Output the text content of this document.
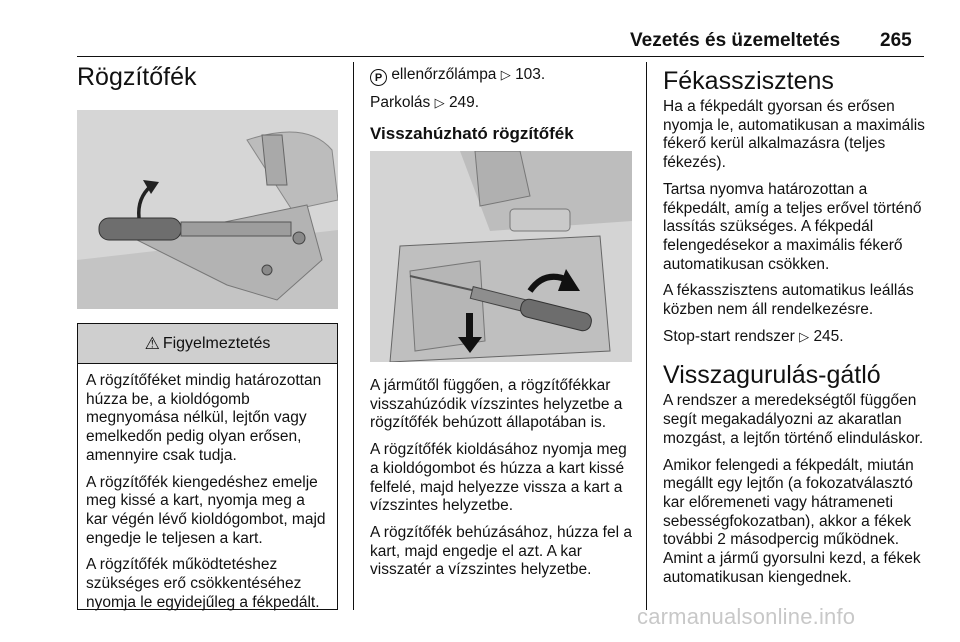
Vezetés és üzemeltetés 265
Rögzítőfék
⚠ Figyelmeztetés

A rögzítőféket mindig határozottan húzza be, a kioldógomb megnyomása nélkül, lejtőn vagy emelkedőn pedig olyan erősen, amennyire csak tudja.

A rögzítőfék kiengedéshez emelje meg kissé a kart, nyomja meg a kar végén lévő kioldógombot, majd engedje le teljesen a kart.

A rögzítőfék működtetéshez szükséges erő csökkentéséhez nyomja le egyidejűleg a fékpedált.

P ellenőrzőlámpa ▷ 103.

Parkolás ▷ 249.

Visszahúzható rögzítőfék

A járműtől függően, a rögzítőfékkar visszahúzódik vízszintes helyzetbe a rögzítőfék behúzott állapotában is.

A rögzítőfék kioldásához nyomja meg a kioldógombot és húzza a kart kissé felfelé, majd helyezze vissza a kart a vízszintes helyzetbe.

A rögzítőfék behúzásához, húzza fel a kart, majd engedje el azt. A kar visszatér a vízszintes helyzetbe.

Fékasszisztens

Ha a fékpedált gyorsan és erősen nyomja le, automatikusan a maximális fékerő kerül alkalmazásra (teljes fékezés).

Tartsa nyomva határozottan a fékpedált, amíg a teljes erővel történő lassítás szükséges. A fékpedál felengedésekor a maximális fékerő automatikusan csökken.

A fékasszisztens automatikus leállás közben nem áll rendelkezésre.

Stop-start rendszer ▷ 245.

Visszagurulás-gátló

A rendszer a meredekségtől függően segít megakadályozni az akaratlan mozgást, a lejtőn történő elinduláskor.

Amikor felengedi a fékpedált, miután megállt egy lejtőn (a fokozatválasztó kar előremeneti vagy hátrameneti sebességfokozatban), akkor a fékek további 2 másodpercig működnek. Amint a jármű gyorsulni kezd, a fékek automatikusan kiengednek.

carmanualsonline.info
